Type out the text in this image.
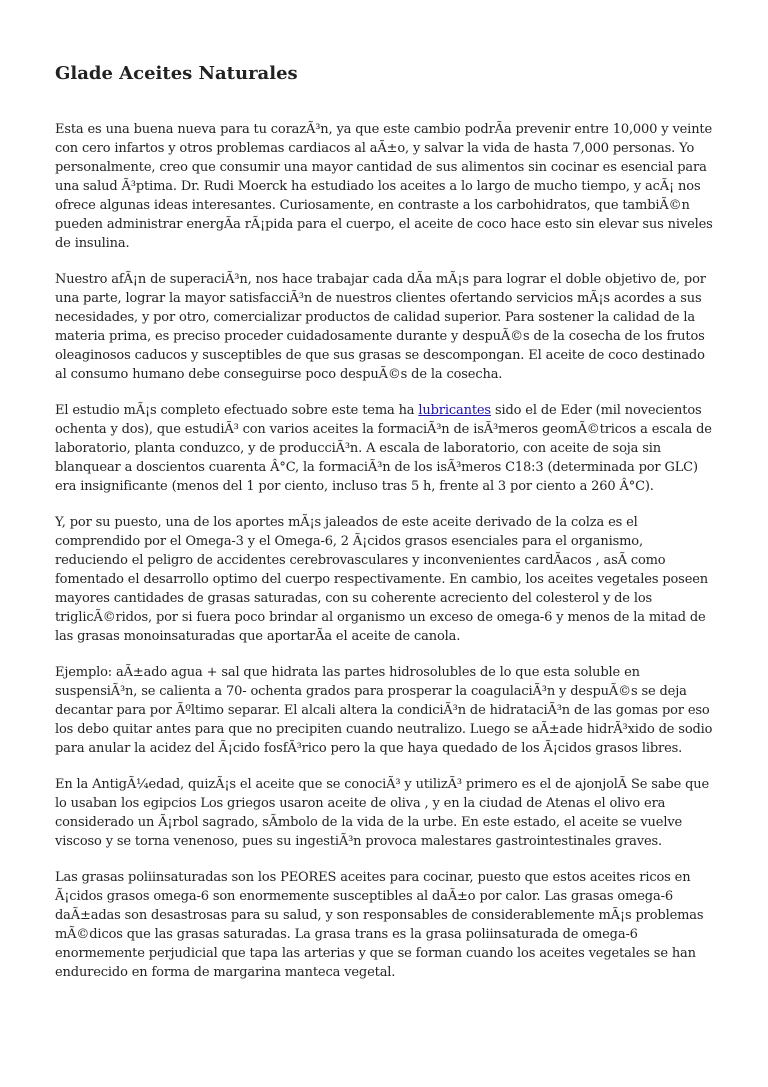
Glade Aceites Naturales

Esta es una buena nueva para tu corazÃ³n, ya que este cambio podrÃa prevenir entre 10,000 y veinte con cero infartos y otros problemas cardiacos al aÃ±o, y salvar la vida de hasta 7,000 personas. Yo personalmente, creo que consumir una mayor cantidad de sus alimentos sin cocinar es esencial para una salud Ã³ptima. Dr. Rudi Moerck ha estudiado los aceites a lo largo de mucho tiempo, y acÃ¡ nos ofrece algunas ideas interesantes. Curiosamente, en contraste a los carbohidratos, que tambiÃ©n pueden administrar energÃa rÃ¡pida para el cuerpo, el aceite de coco hace esto sin elevar sus niveles de insulina.

Nuestro afÃ¡n de superaciÃ³n, nos hace trabajar cada dÃa mÃ¡s para lograr el doble objetivo de, por una parte, lograr la mayor satisfacciÃ³n de nuestros clientes ofertando servicios mÃ¡s acordes a sus necesidades, y por otro, comercializar productos de calidad superior. Para sostener la calidad de la materia prima, es preciso proceder cuidadosamente durante y despuÃ©s de la cosecha de los frutos oleaginosos caducos y susceptibles de que sus grasas se descompongan. El aceite de coco destinado al consumo humano debe conseguirse poco despuÃ©s de la cosecha.

El estudio mÃ¡s completo efectuado sobre este tema ha lubricantes sido el de Eder (mil novecientos ochenta y dos), que estudiÃ³ con varios aceites la formaciÃ³n de isÃ³meros geomÃ©tricos a escala de laboratorio, planta conduzco, y de producciÃ³n. A escala de laboratorio, con aceite de soja sin blanquear a doscientos cuarenta Â°C, la formaciÃ³n de los isÃ³meros C18:3 (determinada por GLC) era insignificante (menos del 1 por ciento, incluso tras 5 h, frente al 3 por ciento a 260 Â°C).

Y, por su puesto, una de los aportes mÃ¡s jaleados de este aceite derivado de la colza es el comprendido por el Omega-3 y el Omega-6, 2 Ã¡cidos grasos esenciales para el organismo, reduciendo el peligro de accidentes cerebrovasculares y inconvenientes cardÃacos , asÃ como fomentado el desarrollo optimo del cuerpo respectivamente. En cambio, los aceites vegetales poseen mayores cantidades de grasas saturadas, con su coherente acreciento del colesterol y de los triglicÃ©ridos, por si fuera poco brindar al organismo un exceso de omega-6 y menos de la mitad de las grasas monoinsaturadas que aportarÃa el aceite de canola.

Ejemplo: aÃ±ado agua + sal que hidrata las partes hidrosolubles de lo que esta soluble en suspensiÃ³n, se calienta a 70- ochenta grados para prosperar la coagulaciÃ³n y despuÃ©s se deja decantar para por Ãºltimo separar. El alcali altera la condiciÃ³n de hidrataciÃ³n de las gomas por eso los debo quitar antes para que no precipiten cuando neutralizo. Luego se aÃ±ade hidrÃ³xido de sodio para anular la acidez del Ã¡cido fosfÃ³rico pero la que haya quedado de los Ã¡cidos grasos libres.

En la AntigÃ¼edad, quizÃ¡s el aceite que se conociÃ³ y utilizÃ³ primero es el de ajonjolÃ Se sabe que lo usaban los egipcios Los griegos usaron aceite de oliva , y en la ciudad de Atenas el olivo era considerado un Ã¡rbol sagrado, sÃmbolo de la vida de la urbe. En este estado, el aceite se vuelve viscoso y se torna venenoso, pues su ingestiÃ³n provoca malestares gastrointestinales graves.

Las grasas poliinsaturadas son los PEORES aceites para cocinar, puesto que estos aceites ricos en Ã¡cidos grasos omega-6 son enormemente susceptibles al daÃ±o por calor. Las grasas omega-6 daÃ±adas son desastrosas para su salud, y son responsables de considerablemente mÃ¡s problemas mÃ©dicos que las grasas saturadas. La grasa trans es la grasa poliinsaturada de omega-6 enormemente perjudicial que tapa las arterias y que se forman cuando los aceites vegetales se han endurecido en forma de margarina manteca vegetal.
